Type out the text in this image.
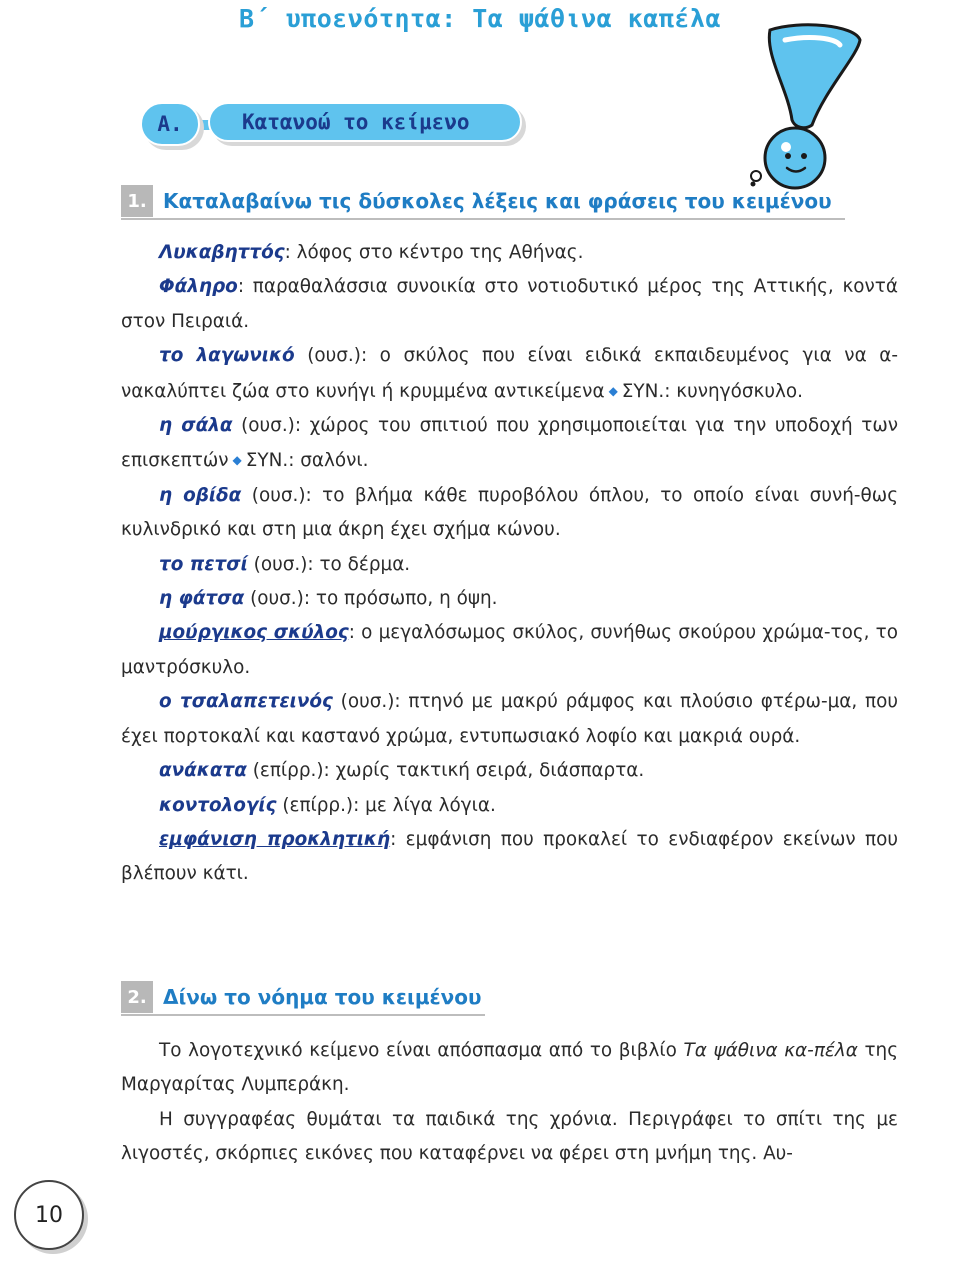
Β΄ υποενότητα: Τα ψάθινα καπέλα
Κατανοώ το κείμενο
Α.
1. Καταλαβαίνω τις δύσκολες λέξεις και φράσεις του κειμένου

Λυκαβηττός: λόφος στο κέντρο της Αθήνας.

Φάληρο: παραθαλάσσια συνοικία στο νοτιοδυτικό μέρος της Αττικής, κοντά στον Πειραιά.

το λαγωνικό (ουσ.): ο σκύλος που είναι ειδικά εκπαιδευμένος για να α-νακαλύπτει ζώα στο κυνήγι ή κρυμμένα αντικείμενα ◆ ΣΥΝ.: κυνηγόσκυλο.

η σάλα (ουσ.): χώρος του σπιτιού που χρησιμοποιείται για την υποδοχή των επισκεπτών ◆ ΣΥΝ.: σαλόνι.

η οβίδα (ουσ.): το βλήμα κάθε πυροβόλου όπλου, το οποίο είναι συνή-θως κυλινδρικό και στη μια άκρη έχει σχήμα κώνου.

το πετσί (ουσ.): το δέρμα.

η φάτσα (ουσ.): το πρόσωπο, η όψη.

μούργικος σκύλος: ο μεγαλόσωμος σκύλος, συνήθως σκούρου χρώμα-τος, το μαντρόσκυλο.

ο τσαλαπετεινός (ουσ.): πτηνό με μακρύ ράμφος και πλούσιο φτέρω-μα, που έχει πορτοκαλί και καστανό χρώμα, εντυπωσιακό λοφίο και μακριά ουρά.

ανάκατα (επίρρ.): χωρίς τακτική σειρά, διάσπαρτα.

κοντολογίς (επίρρ.): με λίγα λόγια.

εμφάνιση προκλητική: εμφάνιση που προκαλεί το ενδιαφέρον εκείνων που βλέπουν κάτι.

2. Δίνω το νόημα του κειμένου

Το λογοτεχνικό κείμενο είναι απόσπασμα από το βιβλίο Τα ψάθινα κα-πέλα της Μαργαρίτας Λυμπεράκη.

Η συγγραφέας θυμάται τα παιδικά της χρόνια. Περιγράφει το σπίτι της με λιγοστές, σκόρπιες εικόνες που καταφέρνει να φέρει στη μνήμη της. Αυ-

10
